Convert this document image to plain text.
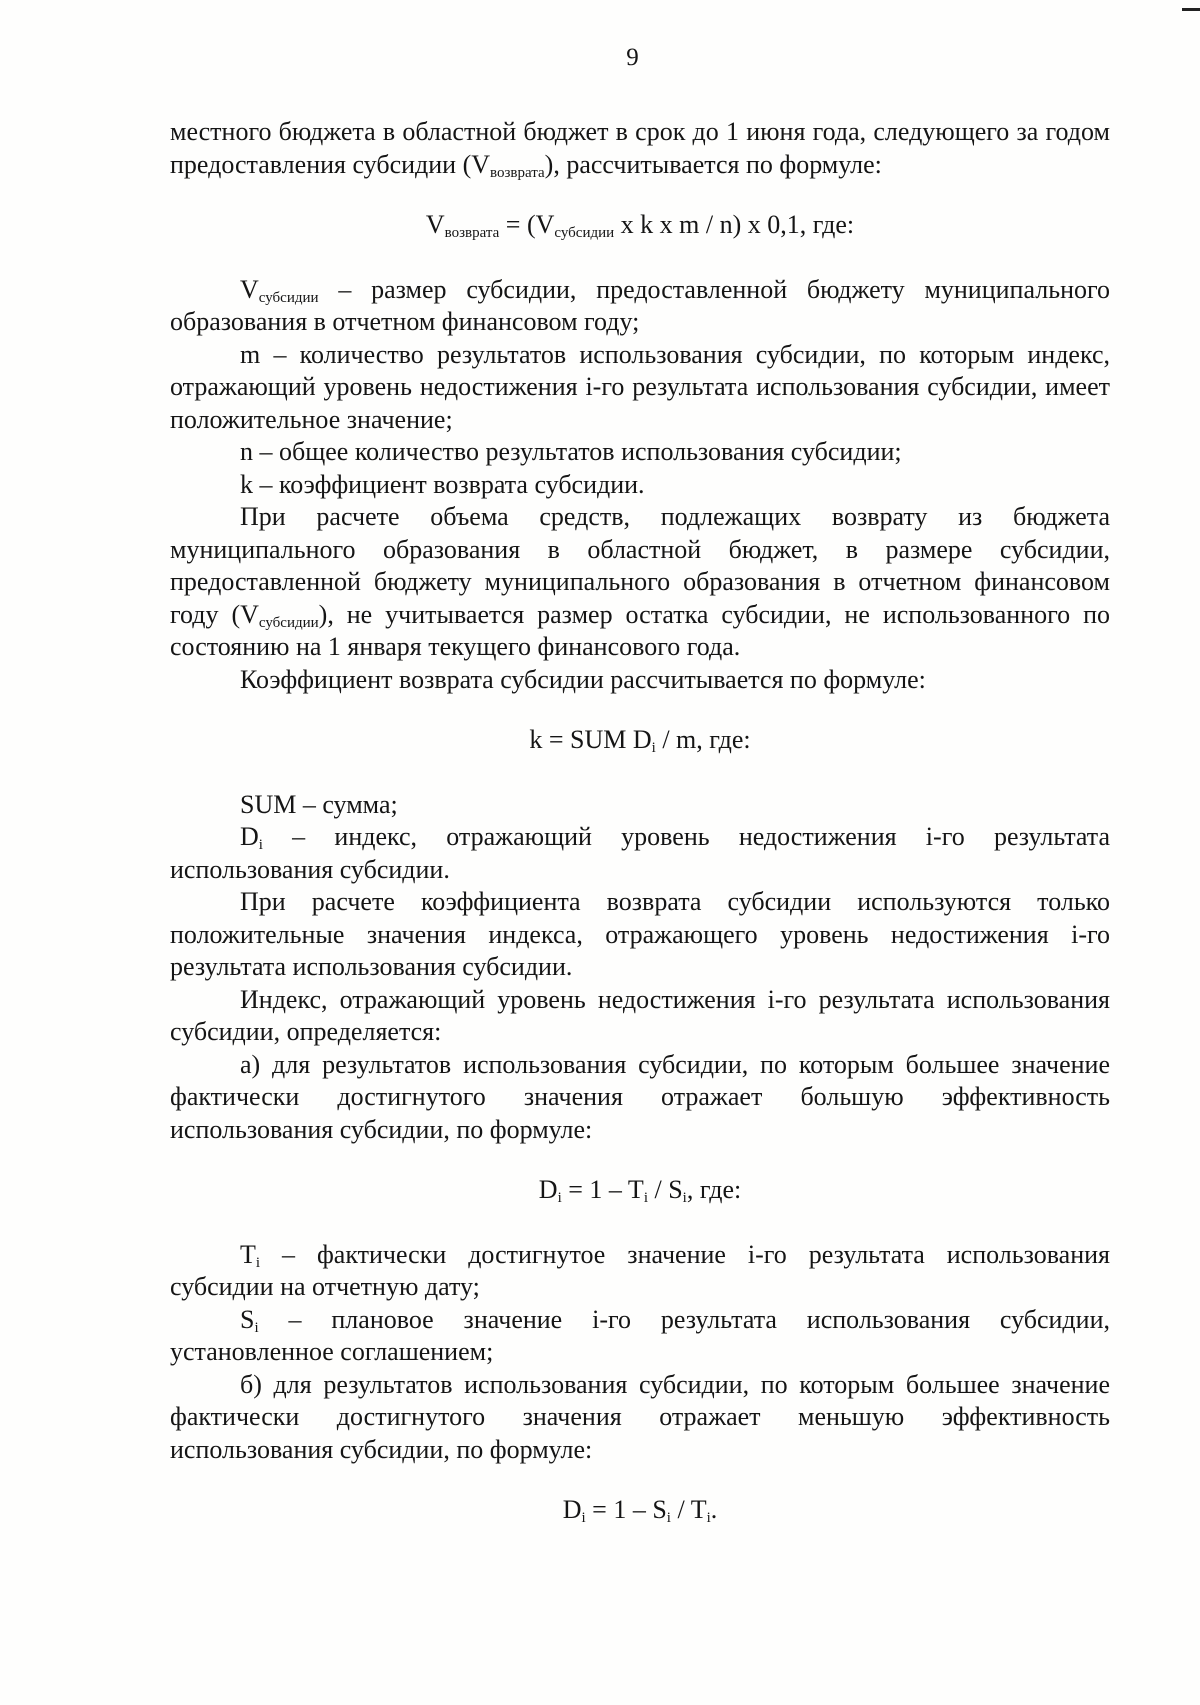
9

местного бюджета в областной бюджет в срок до 1 июня года, следующего за годом предоставления субсидии $(V_{возврата})$, рассчитывается по формуле:

$V_{возврата} = (V_{субсидии}$ x k x m / n) x 0,1, где:

$V_{субсидии}$ – размер субсидии, предоставленной бюджету муниципального образования в отчетном финансовом году;

m – количество результатов использования субсидии, по которым индекс, отражающий уровень недостижения i-го результата использования субсидии, имеет положительное значение;

n – общее количество результатов использования субсидии;

k – коэффициент возврата субсидии.

При расчете объема средств, подлежащих возврату из бюджета муниципального образования в областной бюджет, в размере субсидии, предоставленной бюджету муниципального образования в отчетном финансовом году $(V_{субсидии})$, не учитывается размер остатка субсидии, не использованного по состоянию на 1 января текущего финансового года.

Коэффициент возврата субсидии рассчитывается по формуле:

k = SUM $D_i$ / m, где:

SUM – сумма;

$D_i$ – индекс, отражающий уровень недостижения i-го результата использования субсидии.

При расчете коэффициента возврата субсидии используются только положительные значения индекса, отражающего уровень недостижения i-го результата использования субсидии.

Индекс, отражающий уровень недостижения i-го результата использования субсидии, определяется:

а) для результатов использования субсидии, по которым большее значение фактически достигнутого значения отражает большую эффективность использования субсидии, по формуле:

$D_i = 1 - T_i / S_i$, где:

$T_i$ – фактически достигнутое значение i-го результата использования субсидии на отчетную дату;

$S_i$ – плановое значение i-го результата использования субсидии, установленное соглашением;

б) для результатов использования субсидии, по которым большее значение фактически достигнутого значения отражает меньшую эффективность использования субсидии, по формуле:

$D_i = 1 - S_i / T_i$.
